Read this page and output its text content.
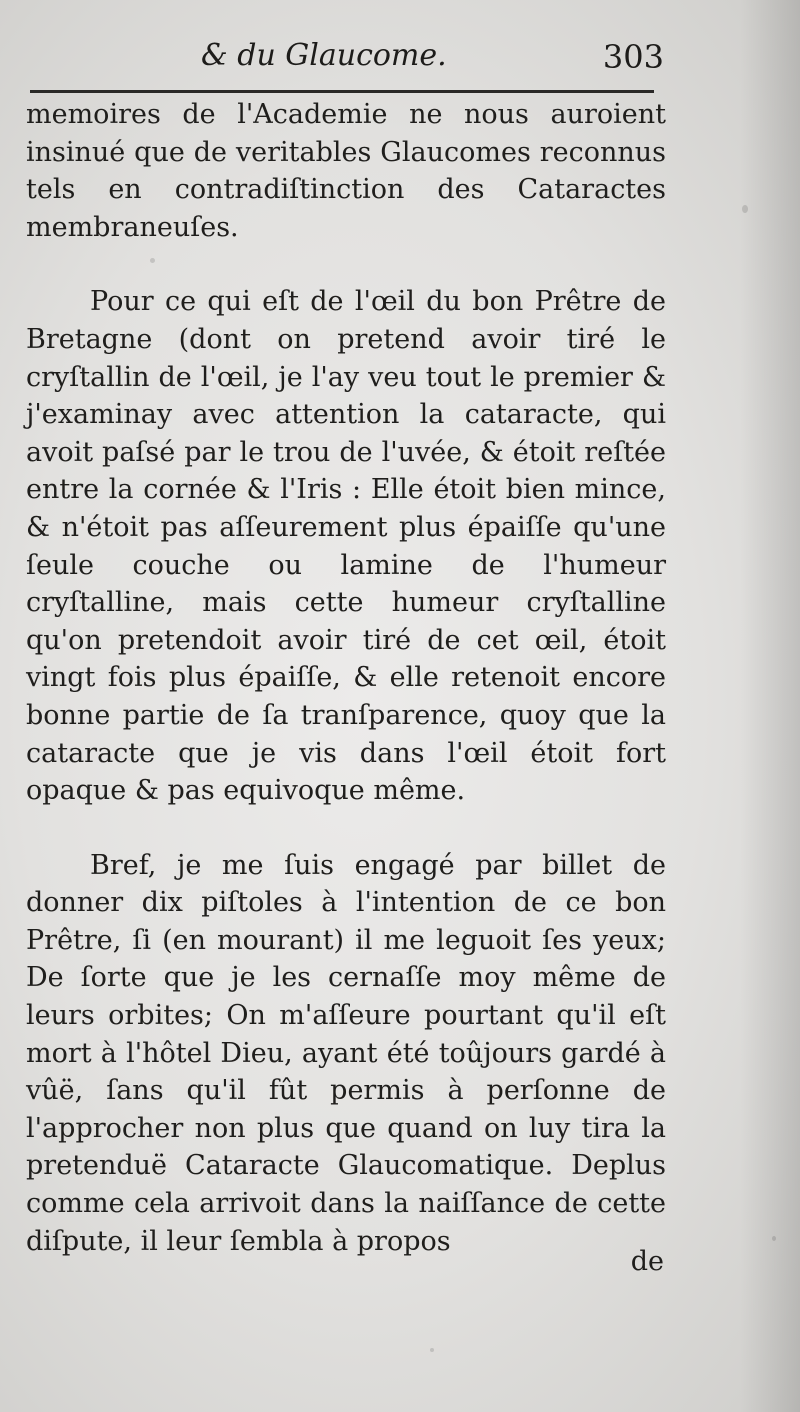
& du Glaucome.	303

memoires de l'Academie ne nous auroient insinué que de veritables Glaucomes reconnus tels en contradiſtinction des Cataractes membraneuſes.

Pour ce qui eſt de l'œil du bon Prêtre de Bretagne (dont on pretend avoir tiré le cryſtallin de l'œil, je l'ay veu tout le premier & j'examinay avec attention la cataracte, qui avoit paſsé par le trou de l'uvée, & étoit reſtée entre la cornée & l'Iris : Elle étoit bien mince, & n'étoit pas aſſeurement plus épaiſſe qu'une ſeule couche ou lamine de l'humeur cryſtalline, mais cette humeur cryſtalline qu'on pretendoit avoir tiré de cet œil, étoit vingt fois plus épaiſſe, & elle retenoit encore bonne partie de ſa tranſparence, quoy que la cataracte que je vis dans l'œil étoit fort opaque & pas equivoque même.

Bref, je me ſuis engagé par billet de donner dix piſtoles à l'intention de ce bon Prêtre, ſi (en mourant) il me leguoit ſes yeux; De ſorte que je les cernaſſe moy même de leurs orbites; On m'aſſeure pourtant qu'il eſt mort à l'hôtel Dieu, ayant été toûjours gardé à vûë, ſans qu'il fût permis à perſonne de l'approcher non plus que quand on luy tira la pretenduë Cataracte Glaucomatique. Deplus comme cela arrivoit dans la naiſſance de cette diſpute, il leur ſembla à propos

de
